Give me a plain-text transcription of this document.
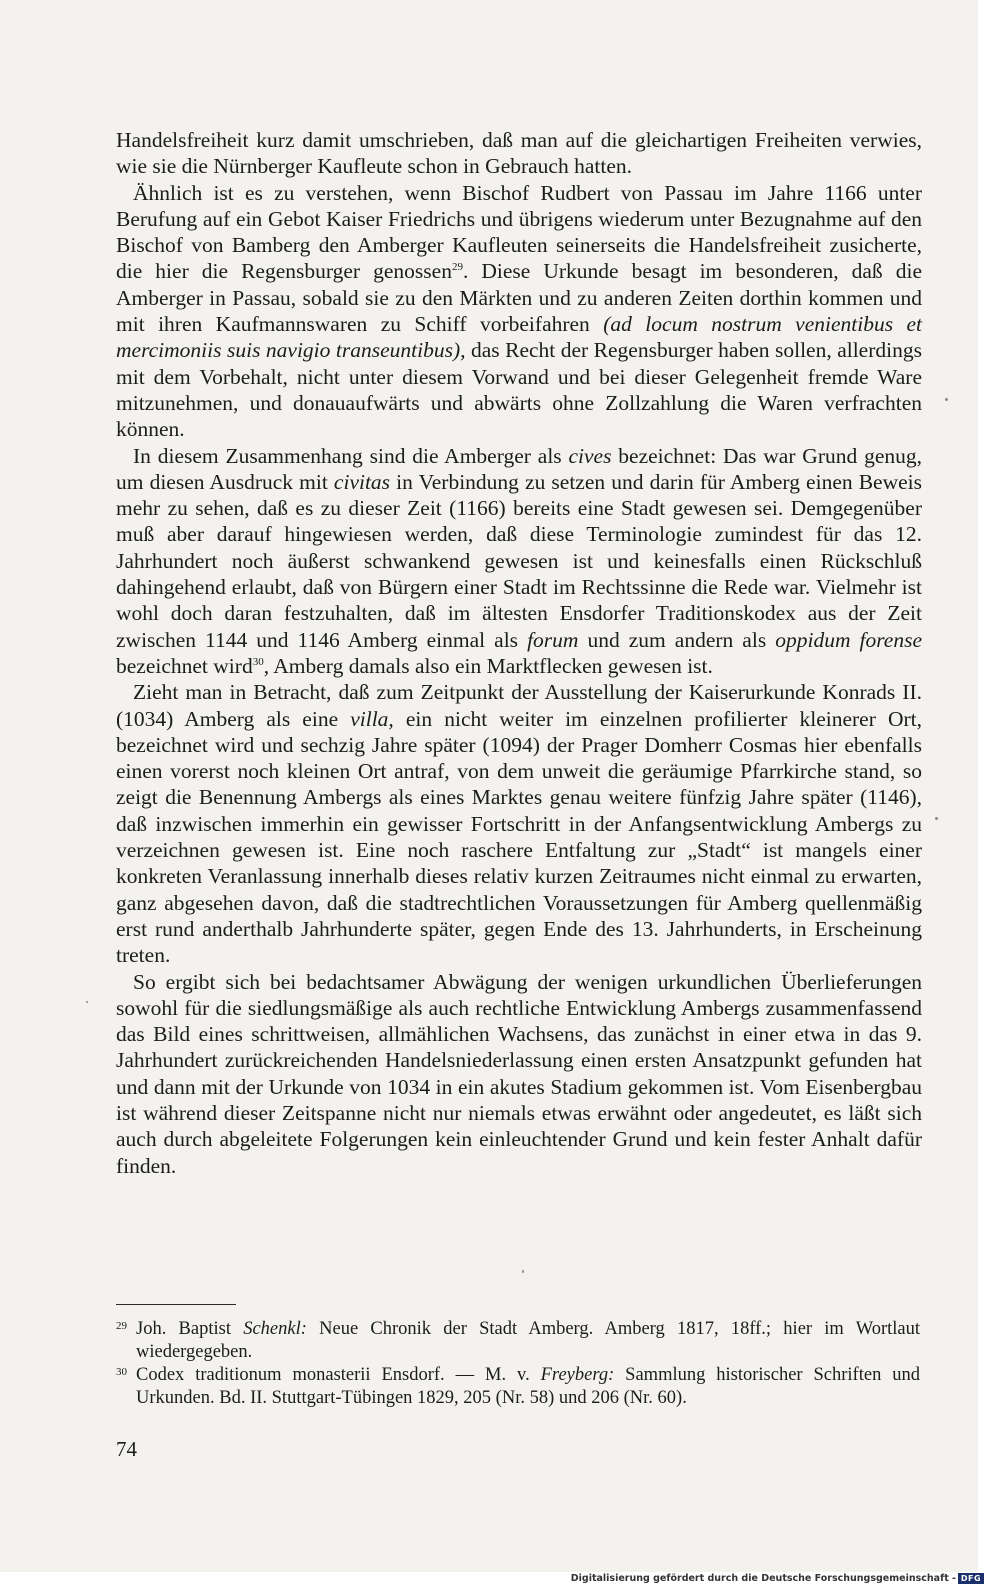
Handelsfreiheit kurz damit umschrieben, daß man auf die gleichartigen Freiheiten verwies, wie sie die Nürnberger Kaufleute schon in Gebrauch hatten.

Ähnlich ist es zu verstehen, wenn Bischof Rudbert von Passau im Jahre 1166 unter Berufung auf ein Gebot Kaiser Friedrichs und übrigens wiederum unter Bezugnahme auf den Bischof von Bamberg den Amberger Kaufleuten seinerseits die Handelsfreiheit zusicherte, die hier die Regensburger genossen$^{29}$. Diese Urkunde besagt im besonderen, daß die Amberger in Passau, sobald sie zu den Märkten und zu anderen Zeiten dorthin kommen und mit ihren Kaufmannswaren zu Schiff vorbeifahren (ad locum nostrum venientibus et mercimoniis suis navigio transeuntibus), das Recht der Regensburger haben sollen, allerdings mit dem Vorbehalt, nicht unter diesem Vorwand und bei dieser Gelegenheit fremde Ware mitzunehmen, und donauaufwärts und abwärts ohne Zollzahlung die Waren verfrachten können.

In diesem Zusammenhang sind die Amberger als cives bezeichnet: Das war Grund genug, um diesen Ausdruck mit civitas in Verbindung zu setzen und darin für Amberg einen Beweis mehr zu sehen, daß es zu dieser Zeit (1166) bereits eine Stadt gewesen sei. Demgegenüber muß aber darauf hingewiesen werden, daß diese Terminologie zumindest für das 12. Jahrhundert noch äußerst schwankend gewesen ist und keinesfalls einen Rückschluß dahingehend erlaubt, daß von Bürgern einer Stadt im Rechtssinne die Rede war. Vielmehr ist wohl doch daran festzuhalten, daß im ältesten Ensdorfer Traditionskodex aus der Zeit zwischen 1144 und 1146 Amberg einmal als forum und zum andern als oppidum forense bezeichnet wird$^{30}$, Amberg damals also ein Marktflecken gewesen ist.

Zieht man in Betracht, daß zum Zeitpunkt der Ausstellung der Kaiserurkunde Konrads II. (1034) Amberg als eine villa, ein nicht weiter im einzelnen profilierter kleinerer Ort, bezeichnet wird und sechzig Jahre später (1094) der Prager Domherr Cosmas hier ebenfalls einen vorerst noch kleinen Ort antraf, von dem unweit die geräumige Pfarrkirche stand, so zeigt die Benennung Ambergs als eines Marktes genau weitere fünfzig Jahre später (1146), daß inzwischen immerhin ein gewisser Fortschritt in der Anfangsentwicklung Ambergs zu verzeichnen gewesen ist. Eine noch raschere Entfaltung zur „Stadt“ ist mangels einer konkreten Veranlassung innerhalb dieses relativ kurzen Zeitraumes nicht einmal zu erwarten, ganz abgesehen davon, daß die stadtrechtlichen Voraussetzungen für Amberg quellenmäßig erst rund anderthalb Jahrhunderte später, gegen Ende des 13. Jahrhunderts, in Erscheinung treten.

So ergibt sich bei bedachtsamer Abwägung der wenigen urkundlichen Überlieferungen sowohl für die siedlungsmäßige als auch rechtliche Entwicklung Ambergs zusammenfassend das Bild eines schrittweisen, allmählichen Wachsens, das zunächst in einer etwa in das 9. Jahrhundert zurückreichenden Handelsniederlassung einen ersten Ansatzpunkt gefunden hat und dann mit der Urkunde von 1034 in ein akutes Stadium gekommen ist. Vom Eisenbergbau ist während dieser Zeitspanne nicht nur niemals etwas erwähnt oder angedeutet, es läßt sich auch durch abgeleitete Folgerungen kein einleuchtender Grund und kein fester Anhalt dafür finden.

29 Joh. Baptist Schenkl: Neue Chronik der Stadt Amberg. Amberg 1817, 18ff.; hier im Wortlaut wiedergegeben.
30 Codex traditionum monasterii Ensdorf. — M. v. Freyberg: Sammlung historischer Schriften und Urkunden. Bd. II. Stuttgart-Tübingen 1829, 205 (Nr. 58) und 206 (Nr. 60).
74
Digitalisierung gefördert durch die Deutsche Forschungsgemeinschaft - DFG
